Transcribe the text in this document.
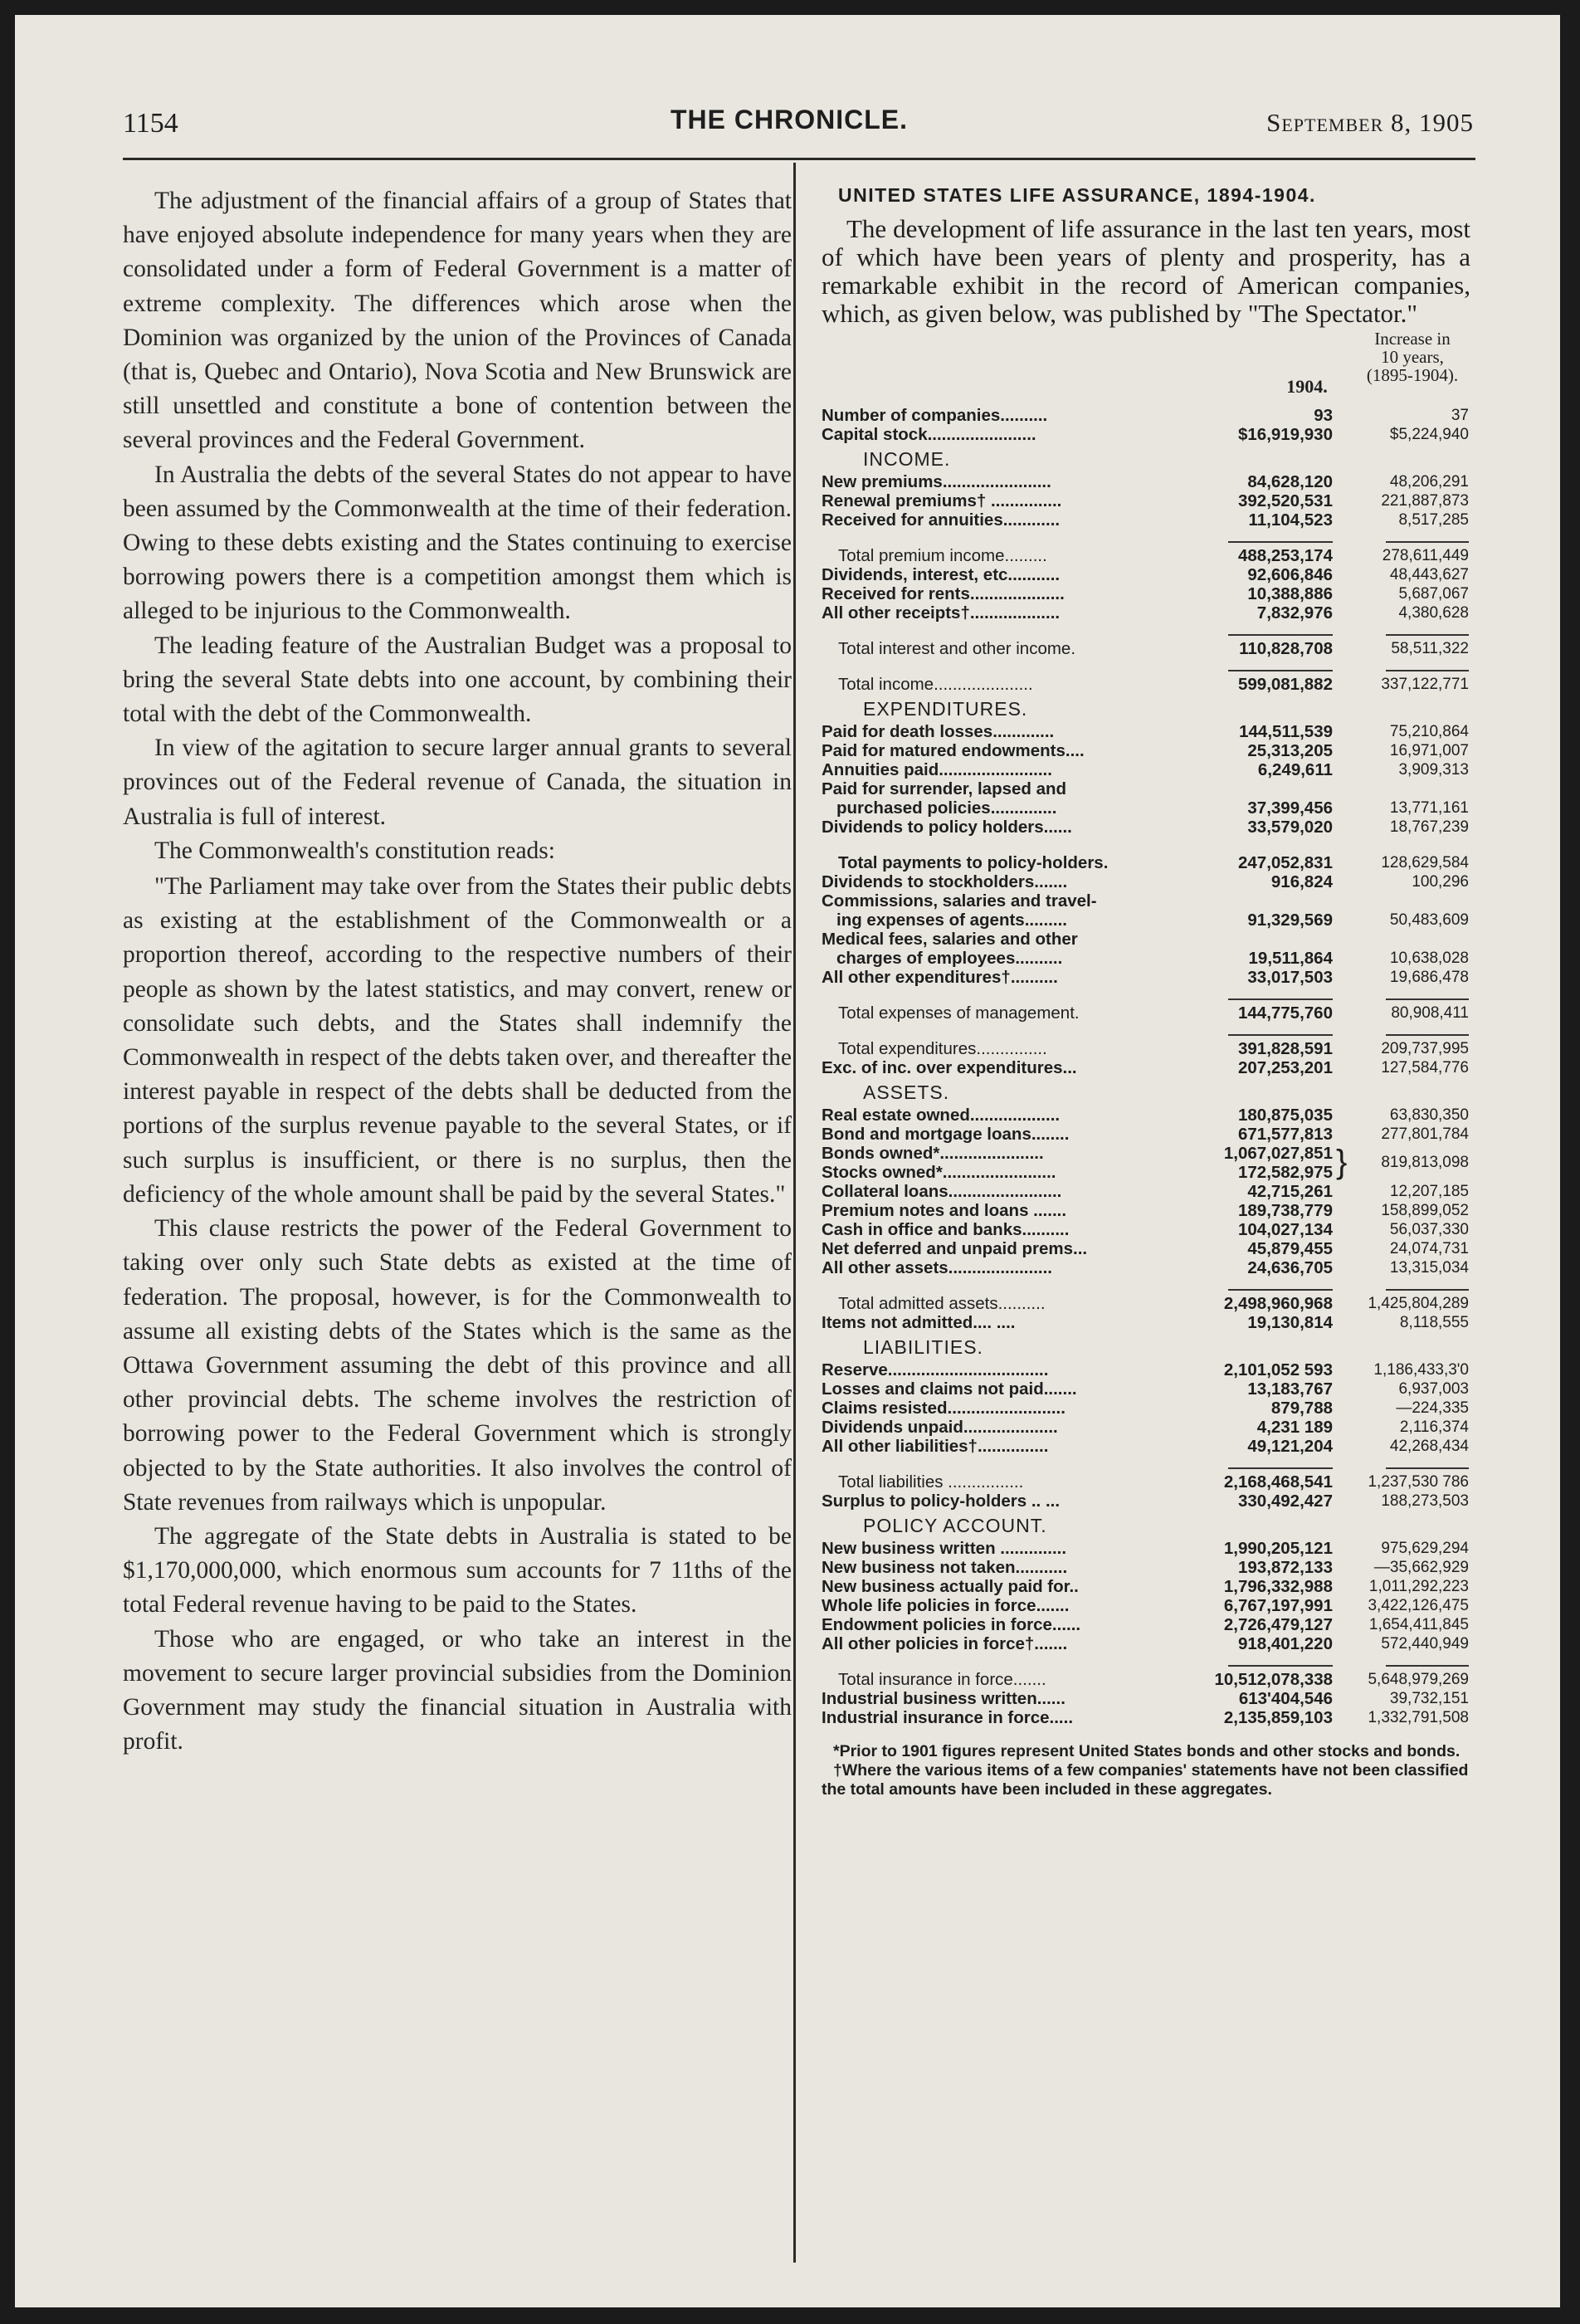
1154	THE CHRONICLE.	September 8, 1905

The adjustment of the financial affairs of a group of States that have enjoyed absolute independence for many years when they are consolidated under a form of Federal Government is a matter of extreme complexity. The differences which arose when the Dominion was organized by the union of the Provinces of Canada (that is, Quebec and Ontario), Nova Scotia and New Brunswick are still unsettled and constitute a bone of contention between the several provinces and the Federal Government.

In Australia the debts of the several States do not appear to have been assumed by the Commonwealth at the time of their federation. Owing to these debts existing and the States continuing to exercise borrowing powers there is a competition amongst them which is alleged to be injurious to the Commonwealth.

The leading feature of the Australian Budget was a proposal to bring the several State debts into one account, by combining their total with the debt of the Commonwealth.

In view of the agitation to secure larger annual grants to several provinces out of the Federal revenue of Canada, the situation in Australia is full of interest.

The Commonwealth's constitution reads:

"The Parliament may take over from the States their public debts as existing at the establishment of the Commonwealth or a proportion thereof, according to the respective numbers of their people as shown by the latest statistics, and may convert, renew or consolidate such debts, and the States shall indemnify the Commonwealth in respect of the debts taken over, and thereafter the interest payable in respect of the debts shall be deducted from the portions of the surplus revenue payable to the several States, or if such surplus is insufficient, or there is no surplus, then the deficiency of the whole amount shall be paid by the several States."

This clause restricts the power of the Federal Government to taking over only such State debts as existed at the time of federation. The proposal, however, is for the Commonwealth to assume all existing debts of the States which is the same as the Ottawa Government assuming the debt of this province and all other provincial debts. The scheme involves the restriction of borrowing power to the Federal Government which is strongly objected to by the State authorities. It also involves the control of State revenues from railways which is unpopular.

The aggregate of the State debts in Australia is stated to be $1,170,000,000, which enormous sum accounts for 7 11ths of the total Federal revenue having to be paid to the States.

Those who are engaged, or who take an interest in the movement to secure larger provincial subsidies from the Dominion Government may study the financial situation in Australia with profit.

UNITED STATES LIFE ASSURANCE, 1894-1904.

The development of life assurance in the last ten years, most of which have been years of plenty and prosperity, has a remarkable exhibit in the record of American companies, which, as given below, was published by "The Spectator."

Increase in
10 years,
(1895-1904).
1904.
Number of companies..........	93	37
Capital stock.......................	$16,919,930	$5,224,940
INCOME.
New premiums.......................	84,628,120	48,206,291
Renewal premiums† ...............	392,520,531	221,887,873
Received for annuities............	11,104,523	8,517,285
Total premium income.........	488,253,174	278,611,449
Dividends, interest, etc...........	92,606,846	48,443,627
Received for rents....................	10,388,886	5,687,067
All other receipts†...................	7,832,976	4,380,628
Total interest and other income.	110,828,708	58,511,322
Total income.....................	599,081,882	337,122,771
EXPENDITURES.
Paid for death losses.............	144,511,539	75,210,864
Paid for matured endowments....	25,313,205	16,971,007
Annuities paid........................	6,249,611	3,909,313
Paid for surrender, lapsed and
purchased policies..............	37,399,456	13,771,161
Dividends to policy holders......	33,579,020	18,767,239
Total payments to policy-holders.	247,052,831	128,629,584
Dividends to stockholders.......	916,824	100,296
Commissions, salaries and travel-
ing expenses of agents.........	91,329,569	50,483,609
Medical fees, salaries and other
charges of employees..........	19,511,864	10,638,028
All other expenditures†..........	33,017,503	19,686,478
Total expenses of management.	144,775,760	80,908,411
Total expenditures...............	391,828,591	209,737,995
Exc. of inc. over expenditures...	207,253,201	127,584,776
ASSETS.
Real estate owned...................	180,875,035	63,830,350
Bond and mortgage loans........	671,577,813	277,801,784
Bonds owned*......................	1,067,027,851
Stocks owned*........................	172,582,975 }	819,813,098
Collateral loans........................	42,715,261	12,207,185
Premium notes and loans .......	189,738,779	158,899,052
Cash in office and banks..........	104,027,134	56,037,330
Net deferred and unpaid prems...	45,879,455	24,074,731
All other assets......................	24,636,705	13,315,034
Total admitted assets..........	2,498,960,968	1,425,804,289
Items not admitted.... ....	19,130,814	8,118,555
LIABILITIES.
Reserve..................................	2,101,052 593	1,186,433,3'0
Losses and claims not paid.......	13,183,767	6,937,003
Claims resisted.........................	879,788	—224,335
Dividends unpaid....................	4,231 189	2,116,374
All other liabilities†...............	49,121,204	42,268,434
Total liabilities ................	2,168,468,541	1,237,530 786
Surplus to policy-holders .. ...	330,492,427	188,273,503
POLICY ACCOUNT.
New business written ..............	1,990,205,121	975,629,294
New business not taken...........	193,872,133	—35,662,929
New business actually paid for..	1,796,332,988	1,011,292,223
Whole life policies in force.......	6,767,197,991	3,422,126,475
Endowment policies in force......	2,726,479,127	1,654,411,845
All other policies in force†.......	918,401,220	572,440,949
Total insurance in force.......	10,512,078,338	5,648,979,269
Industrial business written......	613'404,546	39,732,151
Industrial insurance in force.....	2,135,859,103	1,332,791,508

*Prior to 1901 figures represent United States bonds and other stocks and bonds.

†Where the various items of a few companies' statements have not been classified the total amounts have been included in these aggregates.
